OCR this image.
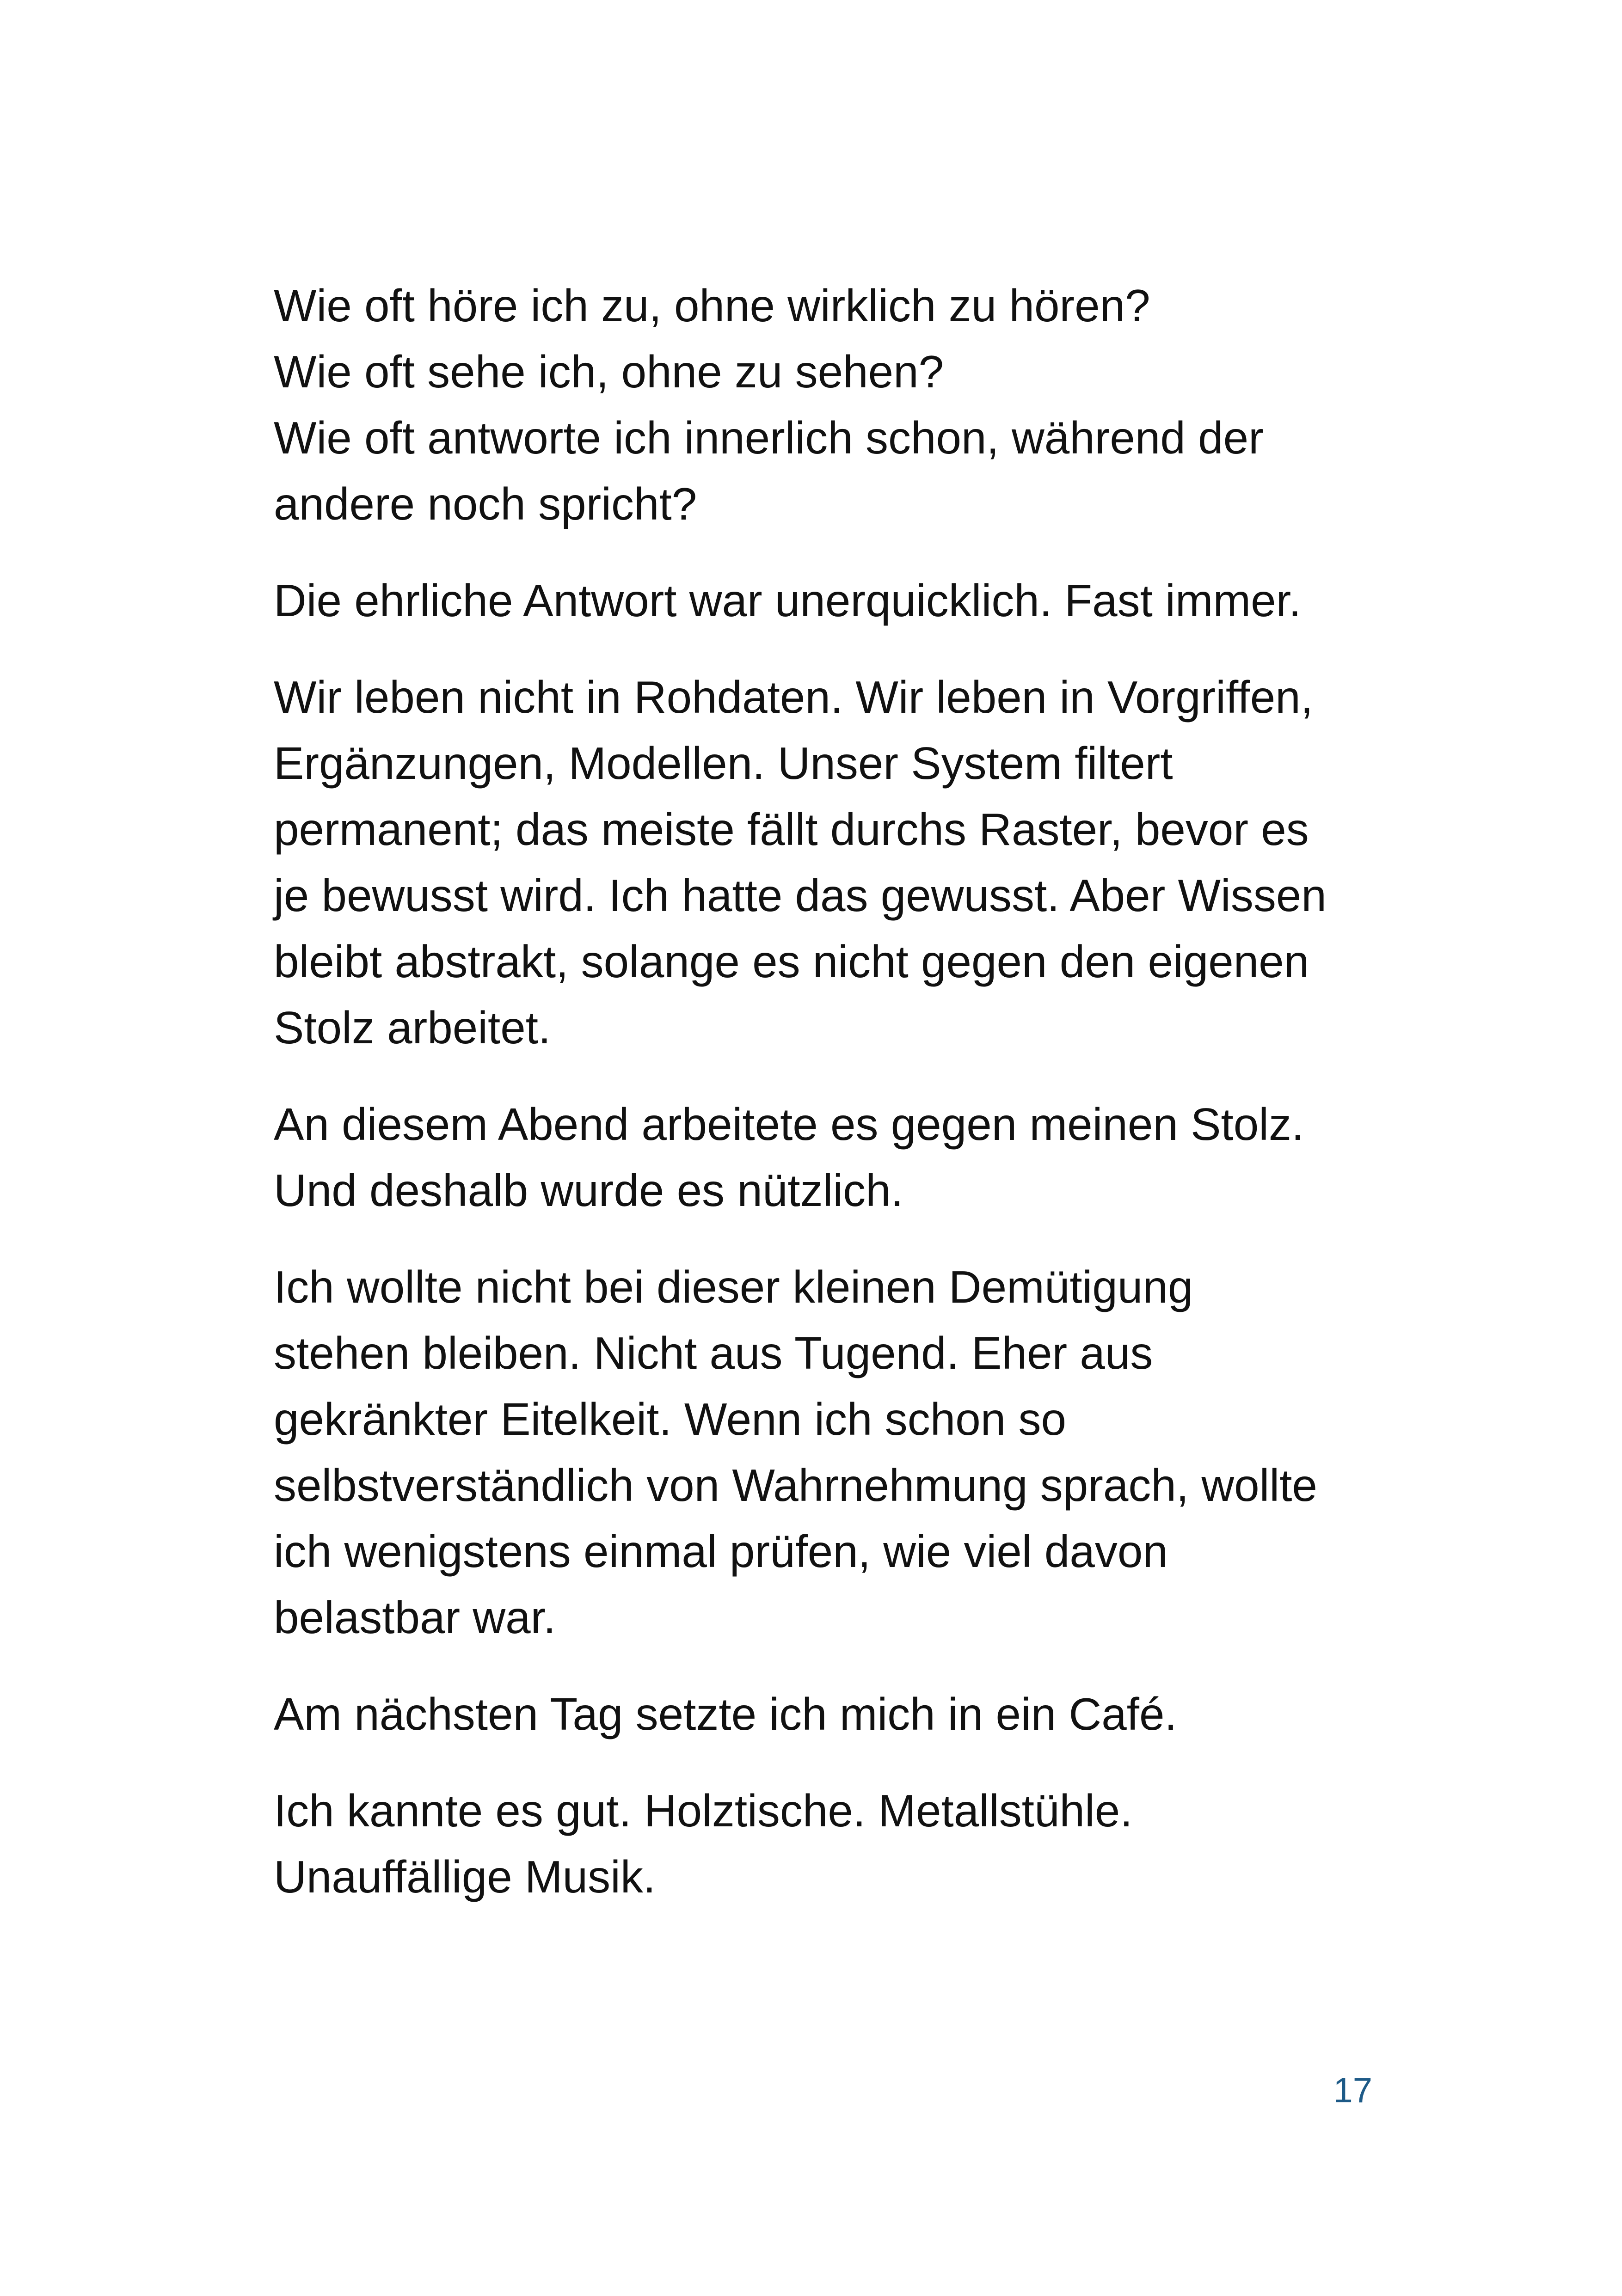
Wie oft höre ich zu, ohne wirklich zu hören?
Wie oft sehe ich, ohne zu sehen?
Wie oft antworte ich innerlich schon, während der
andere noch spricht?

Die ehrliche Antwort war unerquicklich. Fast immer.

Wir leben nicht in Rohdaten. Wir leben in Vorgriffen,
Ergänzungen, Modellen. Unser System filtert
permanent; das meiste fällt durchs Raster, bevor es
je bewusst wird. Ich hatte das gewusst. Aber Wissen
bleibt abstrakt, solange es nicht gegen den eigenen
Stolz arbeitet.

An diesem Abend arbeitete es gegen meinen Stolz.
Und deshalb wurde es nützlich.

Ich wollte nicht bei dieser kleinen Demütigung
stehen bleiben. Nicht aus Tugend. Eher aus
gekränkter Eitelkeit. Wenn ich schon so
selbstverständlich von Wahrnehmung sprach, wollte
ich wenigstens einmal prüfen, wie viel davon
belastbar war.

Am nächsten Tag setzte ich mich in ein Café.

Ich kannte es gut. Holztische. Metallstühle.
Unauffällige Musik.

17
